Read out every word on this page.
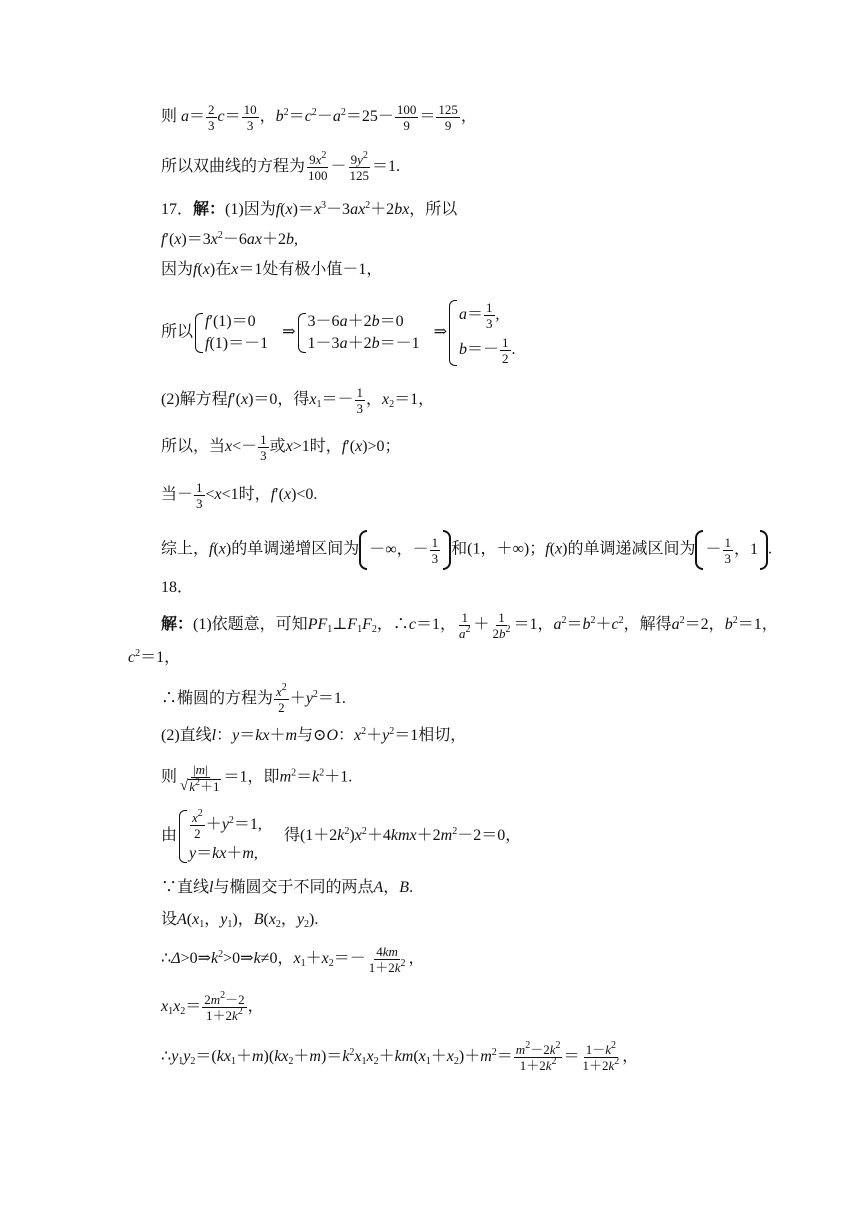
则 $a= \frac{2}{3} c= \frac{10}{3}$ ，$b^2=c^2-a^2=25- \frac{100}{9} = \frac{125}{9}$ ，
所以双曲线的方程为 $\frac{9x^2}{100} - \frac{9y^2}{125} =1$.
17．解：(1)因为$f(x)=x^3-3ax^2+2bx$，所以
$f'(x)=3x^2-6ax+2b$,
因为f(x)在x＝1处有极小值－1，
所以
f′(1)＝0
f(1)＝－1
⇒
3－6a＋2b＝0
1－3a＋2b＝－1
⇒
$a= \frac{1}{3}$ ,
$b=- \frac{1}{2}$ .
(2)解方程f′(x)＝0，得$x_1=- \frac{1}{3}$ ，$x_2=1$，
所以，当$x<- \frac{1}{3}$ 或x>1时，f′(x)>0；
当－ $\frac{1}{3} <x<1$时，f′(x)<0.
综上，f(x)的单调递增区间为 －∞，－ $\frac{1}{3}$ 和(1，＋∞)；f(x)的单调递减区间为 － $\frac{1}{3}$ ，1 .
18．
解：(1)依题意，可知$PF_1\perp F_1F_2$，∴c＝1， $\frac{1}{a^2} + \frac{1}{2b^2} =1$，$a^2=b^2+c^2$，解得$a^2=2$，$b^2=1$，
$c^2=1$，
∴椭圆的方程为 $\frac{x^2}{2} +y^2=1$.
(2)直线l：y＝kx＋m与⊙O：$x^2+y^2=1$相切，
则 $\frac{|m|}{√ k^2+1} =1$，即$m^2=k^2+1$.
由 $\frac{x^2}{2} +y^2=1$,
y＝kx＋m,
得$(1+2k^2)x^2+4kmx+2m^2-2=0$，
∵直线l与椭圆交于不同的两点A，B.
设$A(x_1$，$y_1$)，$B(x_2$，$y_2$).
$\therefore\Delta>0\Rightarrow k^2>0\Rightarrow k\ne 0$，$x_1+x_2=- \frac{4km}{1+2k^2}$ ，
$x_1x_2= \frac{2m^2-2}{1+2k^2}$ ，
$\therefore y_1y_2=(kx_1+m)(kx_2+m)=k^2x_1x_2+km(x_1+x_2)+m^2= \frac{m^2-2k^2}{1+2k^2} = \frac{1-k^2}{1+2k^2}$ ，
